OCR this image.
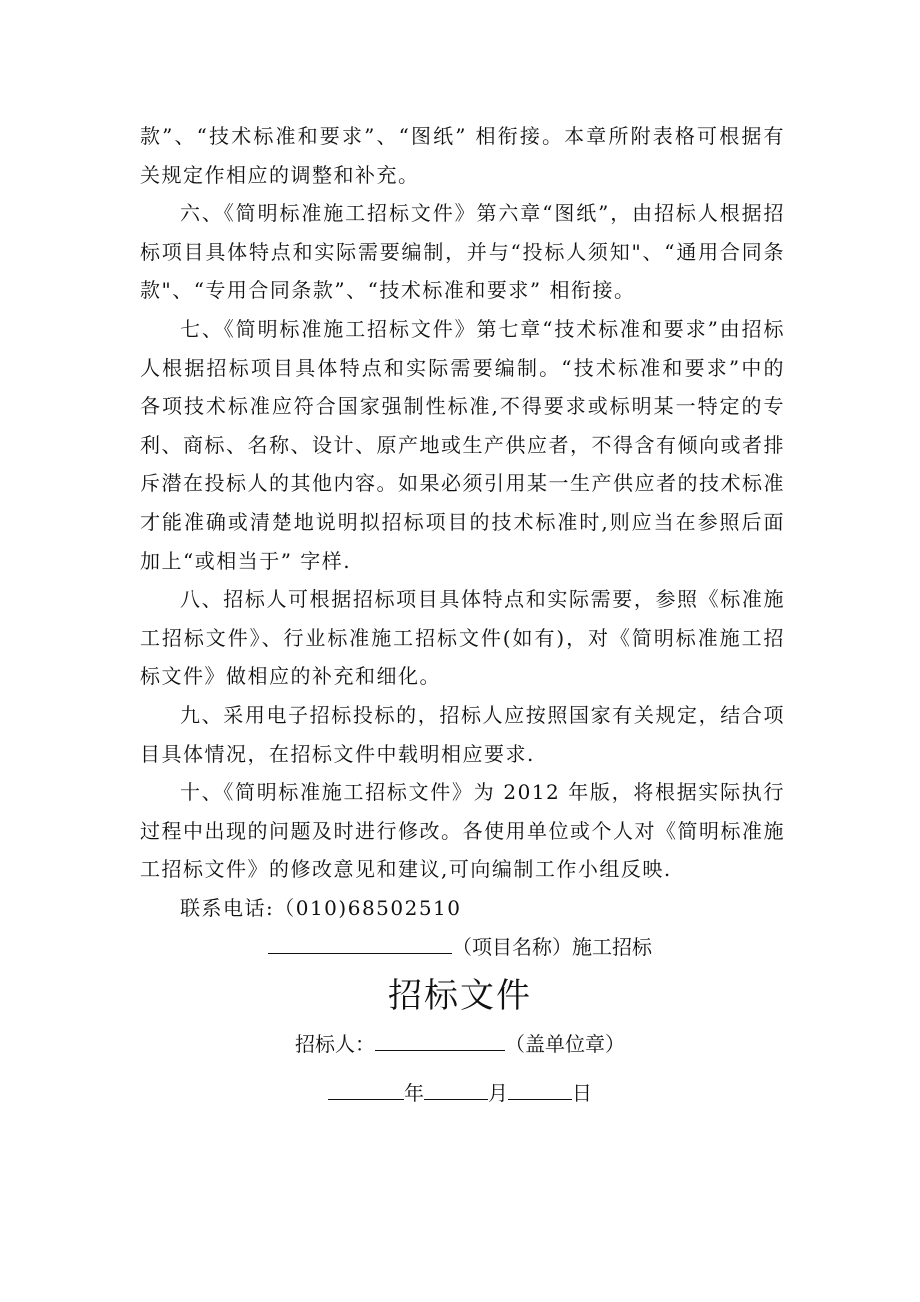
款”、“技术标准和要求”、“图纸” 相衔接。本章所附表格可根据有关规定作相应的调整和补充。

六、《简明标准施工招标文件》第六章“图纸”，由招标人根据招标项目具体特点和实际需要编制，并与“投标人须知"、“通用合同条款"、“专用合同条款”、“技术标准和要求” 相衔接。

七、《简明标准施工招标文件》第七章“技术标准和要求”由招标人根据招标项目具体特点和实际需要编制。“技术标准和要求”中的各项技术标准应符合国家强制性标准,不得要求或标明某一特定的专利、商标、名称、设计、原产地或生产供应者，不得含有倾向或者排斥潜在投标人的其他内容。如果必须引用某一生产供应者的技术标准才能准确或清楚地说明拟招标项目的技术标准时,则应当在参照后面加上“或相当于” 字样.

八、招标人可根据招标项目具体特点和实际需要，参照《标准施工招标文件》、行业标准施工招标文件(如有)，对《简明标准施工招标文件》做相应的补充和细化。

九、采用电子招标投标的，招标人应按照国家有关规定，结合项目具体情况，在招标文件中载明相应要求.

十、《简明标准施工招标文件》为 2012 年版，将根据实际执行过程中出现的问题及时进行修改。各使用单位或个人对《简明标准施工招标文件》的修改意见和建议,可向编制工作小组反映.

联系电话:（010)68502510

（项目名称）施工招标
招标文件
招标人：	（盖单位章）
年	月	日
